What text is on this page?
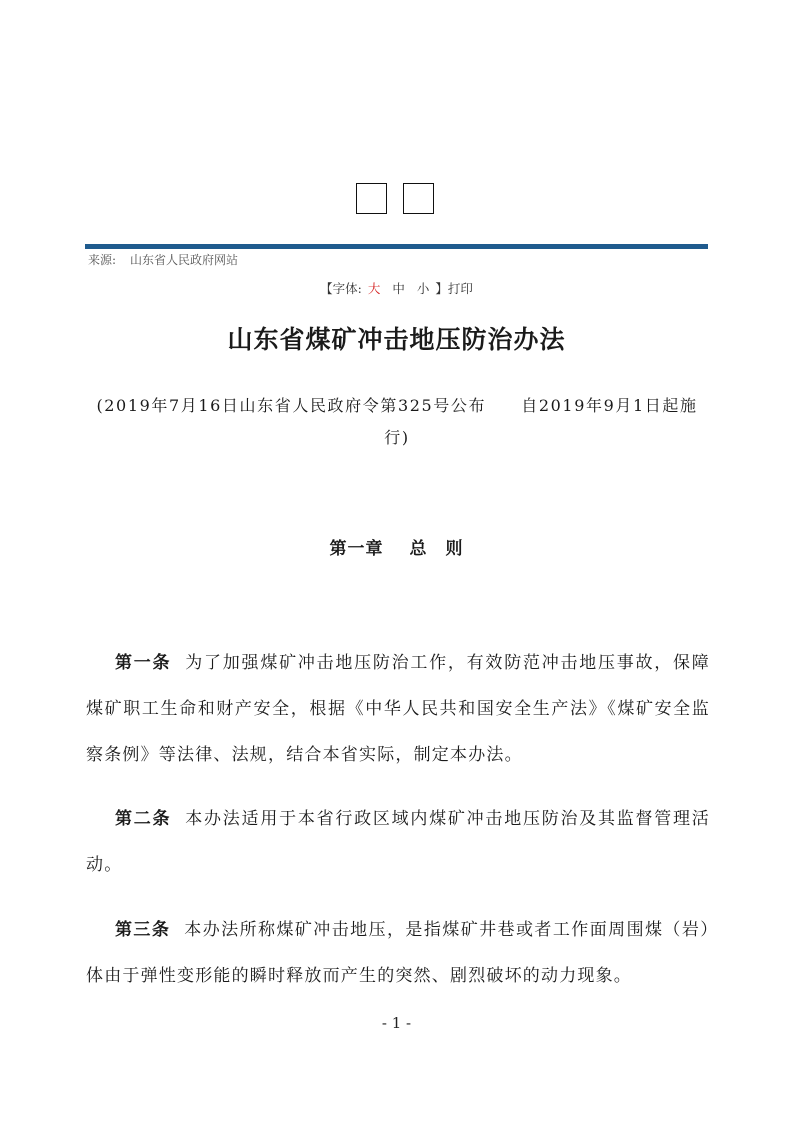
来源: 山东省人民政府网站
【字体: 大 中 小 】打印
山东省煤矿冲击地压防治办法
(2019年7月16日山东省人民政府令第325号公布　　自2019年9月1日起施行)
第一章 总　则
第一条 为了加强煤矿冲击地压防治工作，有效防范冲击地压事故，保障煤矿职工生命和财产安全，根据《中华人民共和国安全生产法》《煤矿安全监察条例》等法律、法规，结合本省实际，制定本办法。
第二条 本办法适用于本省行政区域内煤矿冲击地压防治及其监督管理活动。
第三条 本办法所称煤矿冲击地压，是指煤矿井巷或者工作面周围煤（岩）体由于弹性变形能的瞬时释放而产生的突然、剧烈破坏的动力现象。
- 1 -
